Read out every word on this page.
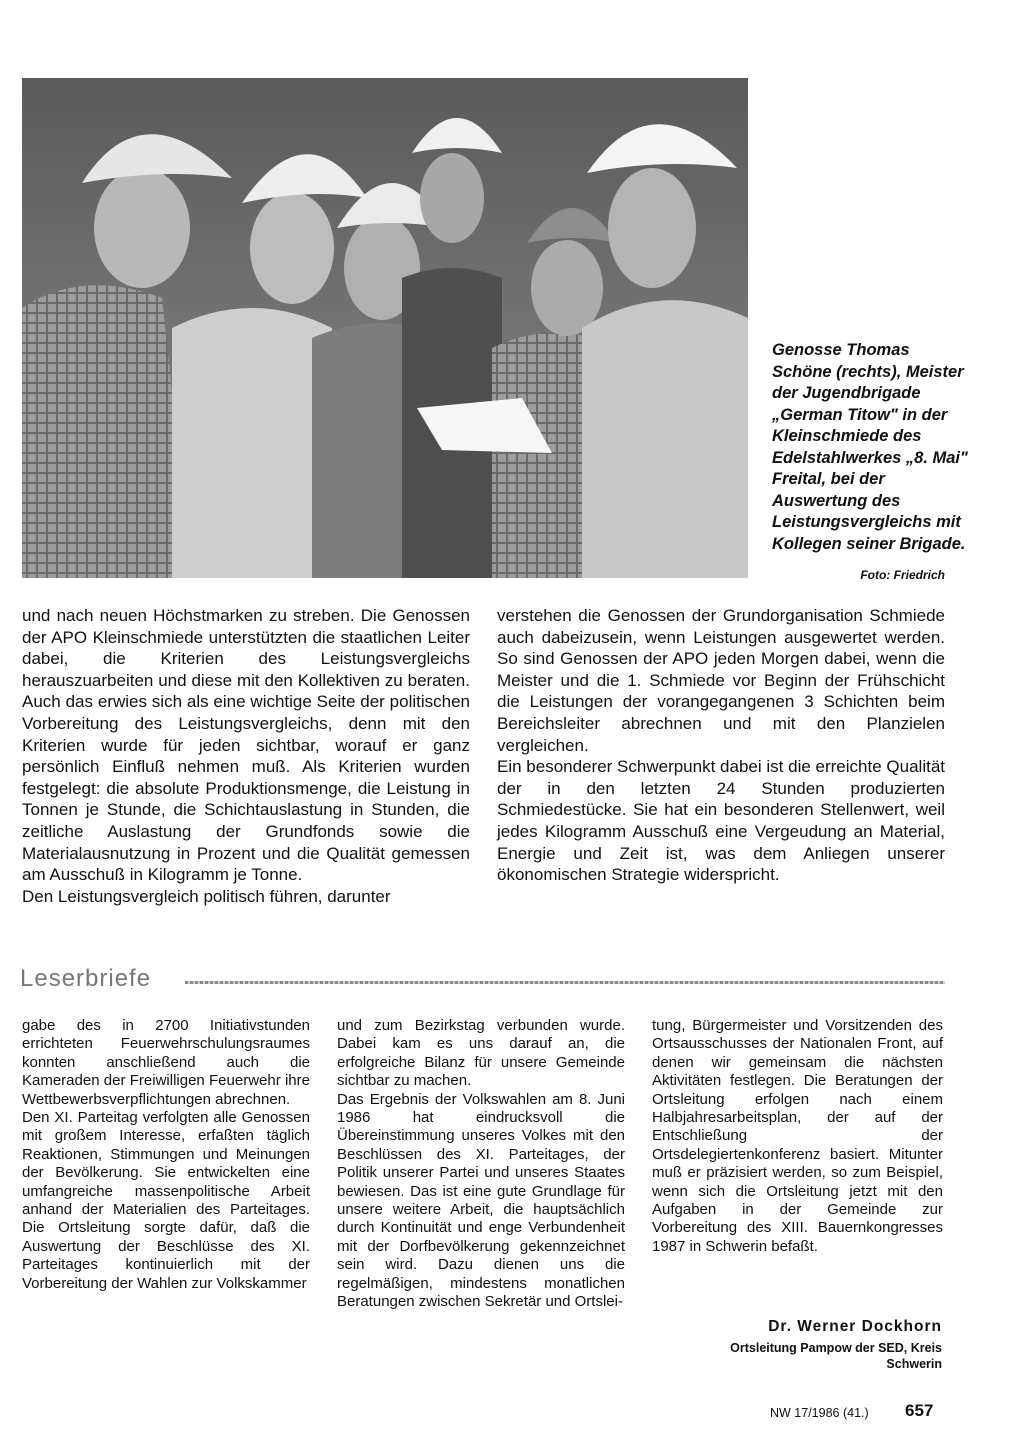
Genosse Thomas Schöne (rechts), Meister der Jugendbrigade „German Titow" in der Kleinschmiede des Edelstahlwerkes „8. Mai" Freital, bei der Auswertung des Leistungsvergleichs mit Kollegen seiner Brigade.

Foto: Friedrich

und nach neuen Höchstmarken zu streben. Die Genossen der APO Kleinschmiede unterstützten die staatlichen Leiter dabei, die Kriterien des Leistungsvergleichs herauszuarbeiten und diese mit den Kollektiven zu beraten. Auch das erwies sich als eine wichtige Seite der politischen Vorbereitung des Leistungsvergleichs, denn mit den Kriterien wurde für jeden sichtbar, worauf er ganz persönlich Einfluß nehmen muß. Als Kriterien wurden festgelegt: die absolute Produktionsmenge, die Leistung in Tonnen je Stunde, die Schichtauslastung in Stunden, die zeitliche Auslastung der Grundfonds sowie die Materialausnutzung in Prozent und die Qualität gemessen am Ausschuß in Kilogramm je Tonne.

Den Leistungsvergleich politisch führen, darunter

verstehen die Genossen der Grundorganisation Schmiede auch dabeizusein, wenn Leistungen ausgewertet werden. So sind Genossen der APO jeden Morgen dabei, wenn die Meister und die 1. Schmiede vor Beginn der Frühschicht die Leistungen der vorangegangenen 3 Schichten beim Bereichsleiter abrechnen und mit den Planzielen vergleichen.

Ein besonderer Schwerpunkt dabei ist die erreichte Qualität der in den letzten 24 Stunden produzierten Schmiedestücke. Sie hat ein besonderen Stellenwert, weil jedes Kilogramm Ausschuß eine Vergeudung an Material, Energie und Zeit ist, was dem Anliegen unserer ökonomischen Strategie widerspricht.

Leserbriefe

gabe des in 2700 Initiativstunden errichteten Feuerwehrschulungsraumes konnten anschließend auch die Kameraden der Freiwilligen Feuerwehr ihre Wettbewerbsverpflichtungen abrechnen.

Den XI. Parteitag verfolgten alle Genossen mit großem Interesse, erfaßten täglich Reaktionen, Stimmungen und Meinungen der Bevölkerung. Sie entwickelten eine umfangreiche massenpolitische Arbeit anhand der Materialien des Parteitages. Die Ortsleitung sorgte dafür, daß die Auswertung der Beschlüsse des XI. Parteitages kontinuierlich mit der Vorbereitung der Wahlen zur Volkskammer

und zum Bezirkstag verbunden wurde. Dabei kam es uns darauf an, die erfolgreiche Bilanz für unsere Gemeinde sichtbar zu machen.

Das Ergebnis der Volkswahlen am 8. Juni 1986 hat eindrucksvoll die Übereinstimmung unseres Volkes mit den Beschlüssen des XI. Parteitages, der Politik unserer Partei und unseres Staates bewiesen. Das ist eine gute Grundlage für unsere weitere Arbeit, die hauptsächlich durch Kontinuität und enge Verbundenheit mit der Dorfbevölkerung gekennzeichnet sein wird. Dazu dienen uns die regelmäßigen, mindestens monatlichen Beratungen zwischen Sekretär und Ortslei-

tung, Bürgermeister und Vorsitzenden des Ortsausschusses der Nationalen Front, auf denen wir gemeinsam die nächsten Aktivitäten festlegen. Die Beratungen der Ortsleitung erfolgen nach einem Halbjahresarbeitsplan, der auf der Entschließung der Ortsdelegiertenkonferenz basiert. Mitunter muß er präzisiert werden, so zum Beispiel, wenn sich die Ortsleitung jetzt mit den Aufgaben in der Gemeinde zur Vorbereitung des XIII. Bauernkongresses 1987 in Schwerin befaßt.

Dr. Werner Dockhorn
Ortsleitung Pampow der SED, Kreis Schwerin
NW 17/1986 (41.) 657
